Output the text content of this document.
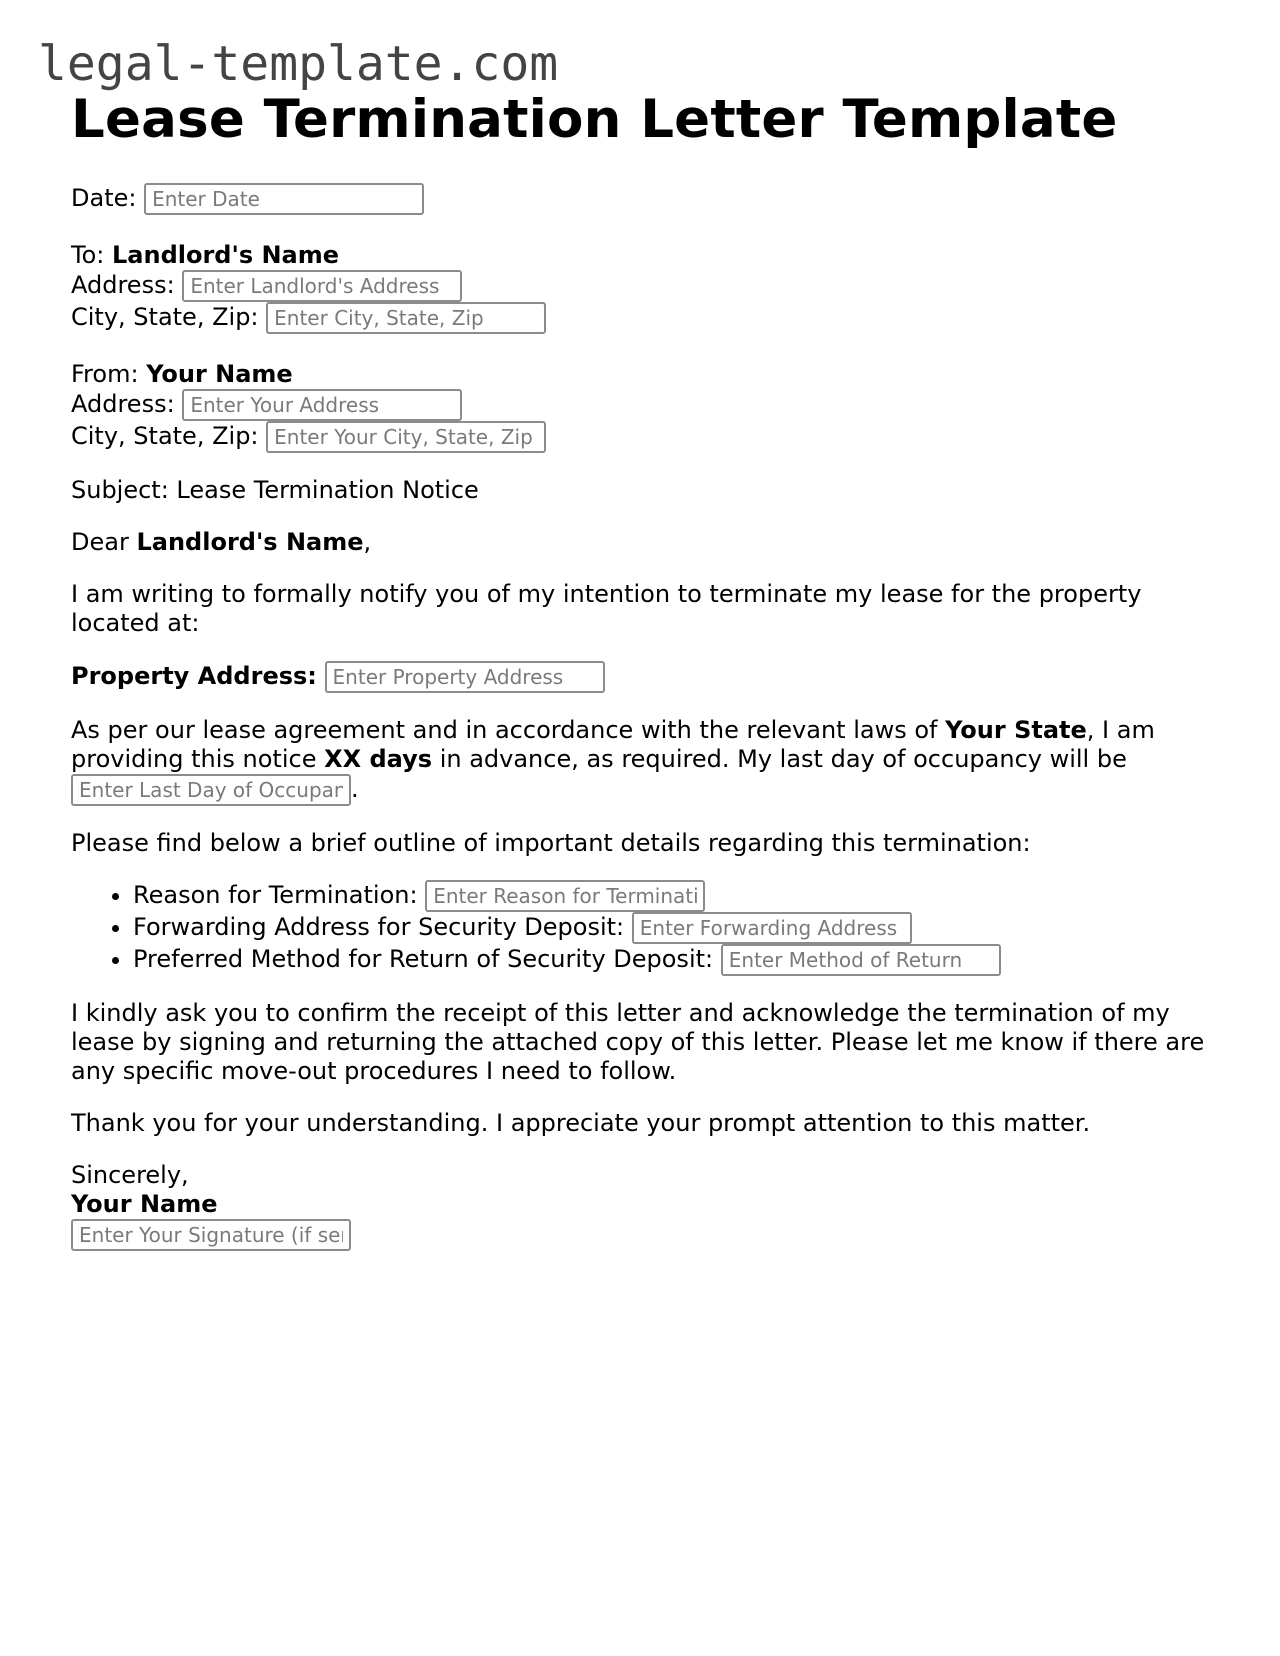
legal-template.com
Lease Termination Letter Template
Date: Enter Date
To: Landlord's Name
Address: Enter Landlord's Address
City, State, Zip: Enter City, State, Zip
From: Your Name
Address: Enter Your Address
City, State, Zip: Enter Your City, State, Zip
Subject: Lease Termination Notice
Dear Landlord's Name,
I am writing to formally notify you of my intention to terminate my lease for the property located at:
Property Address: Enter Property Address
As per our lease agreement and in accordance with the relevant laws of Your State, I am providing this notice XX days in advance, as required. My last day of occupancy will be
Enter Last Day of Occupancy.
Please find below a brief outline of important details regarding this termination:
• Reason for Termination: Enter Reason for Termination
• Forwarding Address for Security Deposit: Enter Forwarding Address
• Preferred Method for Return of Security Deposit: Enter Method of Return
I kindly ask you to confirm the receipt of this letter and acknowledge the termination of my lease by signing and returning the attached copy of this letter. Please let me know if there are any specific move-out procedures I need to follow.
Thank you for your understanding. I appreciate your prompt attention to this matter.
Sincerely,
Your Name
Enter Your Signature (if sending a hard copy)
